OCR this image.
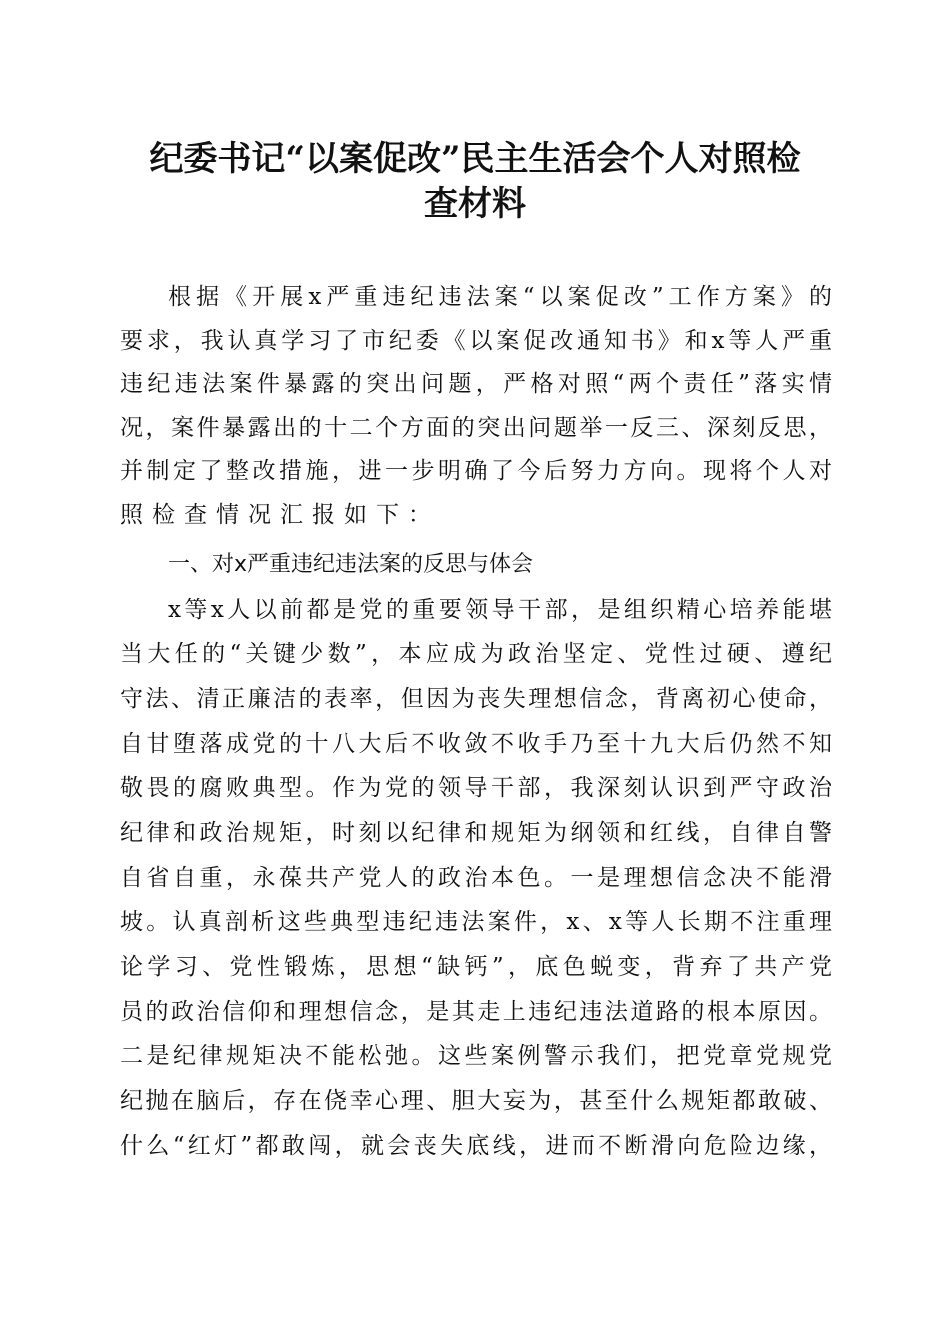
纪委书记“以案促改”民主生活会个人对照检
查材料
根据《开展x严重违纪违法案“以案促改”工作方案》的
要求，我认真学习了市纪委《以案促改通知书》和x等人严重
违纪违法案件暴露的突出问题，严格对照“两个责任”落实情
况，案件暴露出的十二个方面的突出问题举一反三、深刻反思，
并制定了整改措施，进一步明确了今后努力方向。现将个人对
照检查情况汇报如下：
一、对x严重违纪违法案的反思与体会
x等x人以前都是党的重要领导干部，是组织精心培养能堪
当大任的“关键少数”，本应成为政治坚定、党性过硬、遵纪
守法、清正廉洁的表率，但因为丧失理想信念，背离初心使命，
自甘堕落成党的十八大后不收敛不收手乃至十九大后仍然不知
敬畏的腐败典型。作为党的领导干部，我深刻认识到严守政治
纪律和政治规矩，时刻以纪律和规矩为纲领和红线，自律自警
自省自重，永葆共产党人的政治本色。一是理想信念决不能滑
坡。认真剖析这些典型违纪违法案件，x、x等人长期不注重理
论学习、党性锻炼，思想“缺钙”，底色蜕变，背弃了共产党
员的政治信仰和理想信念，是其走上违纪违法道路的根本原因。
二是纪律规矩决不能松弛。这些案例警示我们，把党章党规党
纪抛在脑后，存在侥幸心理、胆大妄为，甚至什么规矩都敢破、
什么“红灯”都敢闯，就会丧失底线，进而不断滑向危险边缘，
